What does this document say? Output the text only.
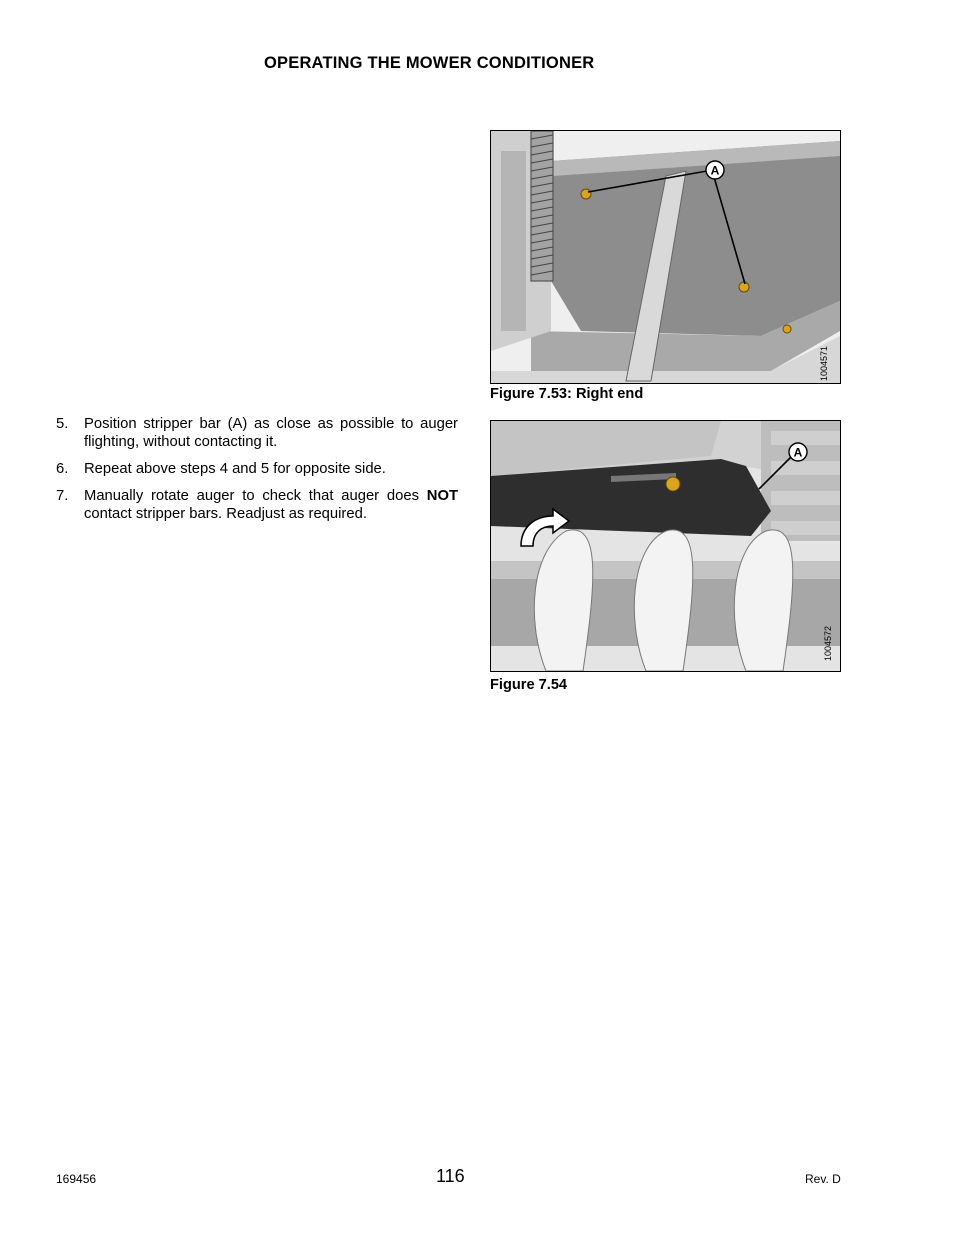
OPERATING THE MOWER CONDITIONER
A
1004571
Figure 7.53: Right end
5. Position stripper bar (A) as close as possible to auger flighting, without contacting it.
6. Repeat above steps 4 and 5 for opposite side.
7. Manually rotate auger to check that auger does NOT contact stripper bars. Readjust as required.
A
1004572
Figure 7.54
169456	116	Rev. D
